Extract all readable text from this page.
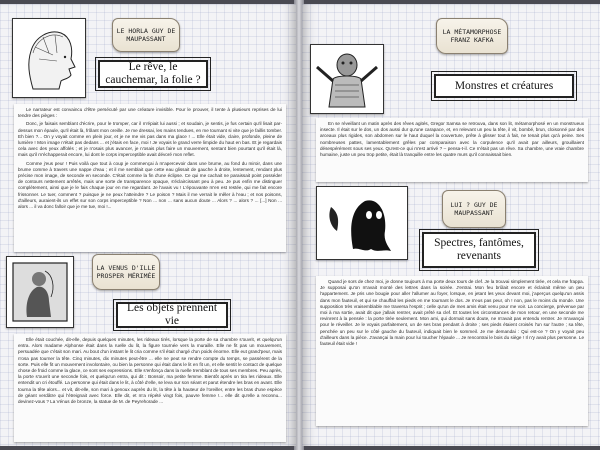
LE HORLA GUY DE
MAUPASSANT
Le rêve, le cauchemar, la folie ?

Le narrateur est convaincu d'être persécuté par une créature invisible. Pour le prouver, il tente à plusieurs reprises de lui tendre des pièges :

Donc, je faisais semblant d'écrire, pour le tromper, car il m'épiait lui aussi ; et soudain, je sentis, je fus certain qu'il lisait par-dessus mon épaule, qu'il était là, frôlant mon oreille. Je me dressai, les mains tendues, en me tournant si vite que je faillis tomber. Eh bien ?... On y voyait comme en plein jour, et je ne me vis pas dans ma glace ! ... Elle était vide, claire, profonde, pleine de lumière ! Mon image n'était pas dedans ... et j'étais en face, moi ! Je voyais le grand verre limpide du haut en bas. Et je regardais cela avec des yeux affolés ; et je n'osais plus avancer, je n'osais plus faire un mouvement, sentant bien pourtant qu'il était là, mais qu'il m'échapperait encore, lui dont le corps imperceptible avait dévoré mon reflet.

Comme j'eus peur ! Puis voilà que tout à coup je commençai à m'apercevoir dans une brume, au fond du miroir, dans une brume comme à travers une nappe d'eau ; et il me semblait que cette eau glissait de gauche à droite, lentement, rendant plus précise mon image, de seconde en seconde. C'était comme la fin d'une éclipse. Ce qui me cachait ne paraissait point posséder de contours nettement arrêtés, mais une sorte de transparence opaque, s'éclaircissant peu à peu. Je pus enfin me distinguer complètement, ainsi que je le fais chaque jour en me regardant. Je l'avais vu ! L'épouvante m'en est restée, qui me fait encore frissonner. Le tuer, comment ? puisque je ne peux l'atteindre ? Le poison ? Mais il me verrait le mêler à l'eau ; et nos poisons, d'ailleurs, auraient-ils un effet sur son corps imperceptible ? Non ... non ... sans aucun doute ... Alors ? ... alors ? ... [...] Non ... alors ... il va donc falloir que je me tue, moi !...

LA VENUS D'ILLE
PROSPER MÉRIMÉE
Les objets prennent vie

Elle était couchée, dit-elle, depuis quelques minutes, les rideaux tirés, lorsque la porte de sa chambre s'ouvrit, et quelqu'un entra. Alors madame Alphonse était dans la ruelle du lit, la figure tournée vers la muraille. Elle ne fit pas un mouvement, persuadée que c'était son mari. Au bout d'un instant le lit cria comme s'il était chargé d'un poids énorme. Elle eut grand'peur, mais n'osa pas tourner la tête. Cinq minutes, dix minutes peut-être ... elle ne peut se rendre compte du temps, se passèrent de la sorte. Puis elle fit un mouvement involontaire, ou bien la personne qui était dans le lit en fit un, et elle sentit le contact de quelque chose de froid comme la glace, ce sont ses expressions. Elle s'enfonça dans la ruelle tremblant de tous ses membres. Peu après, la porte s'ouvrit une seconde fois, et quelqu'un entra, qui dit : Bonsoir, ma petite femme. Bientôt après on tira les rideaux. Elle entendit un cri étouffé. La personne qui était dans le lit, à côté d'elle, se leva sur son séant et parut étendre les bras en avant. Elle tourna la tête alors... et vit, dit-elle, son mari à genoux auprès du lit, la tête à la hauteur de l'oreiller, entre les bras d'une espèce de géant verdâtre qui l'étreignait avec force. Elle dit, et m'a répété vingt fois, pauvre femme !... elle dit qu'elle a reconnu... devinez-vous ? La Vénus de bronze, la statue de M. de Peyrehorade ...

LA MÉTAMORPHOSE
FRANZ KAFKA
Monstres et créatures

En se réveillant un matin après des rêves agités, Gregor Samsa se retrouva, dans son lit, métamorphosé en un monstrueux insecte. Il était sur le dos, un dos aussi dur qu'une carapace, et, en relevant un peu la tête, il vit, bombé, brun, cloisonné par des arceaux plus rigides, son abdomen sur le haut duquel la couverture, prête à glisser tout à fait, ne tenait plus qu'à peine. Ses nombreuses pattes, lamentablement grêles par comparaison avec la corpulence qu'il avait par ailleurs, grouillaient désespérément sous ses yeux. Qu'est-ce qui m'est arrivé ? – pensa-t-il. Ce n'était pas un rêve. Sa chambre, une vraie chambre humaine, juste un peu trop petite, était là tranquille entre les quatre murs qu'il connaissait bien.

LUI ? GUY DE
MAUPASSANT
Spectres, fantômes, revenants

Quand je sors de chez moi, je donne toujours à ma porte deux tours de clef. Je la trouvai simplement tirée, et cela me frappa. Je supposai qu'on m'avait monté des lettres dans la soirée. J'entrai. Mon feu brûlait encore et éclairait même un peu l'appartement. Je pris une bougie pour aller l'allumer au foyer, lorsque, en jetant les yeux devant moi, j'aperçus quelqu'un assis dans mon fauteuil, et qui se chauffait les pieds en me tournant le dos. Je n'eus pas peur, oh ! non, pas le moins du monde. Une supposition très vraisemblable me traversa l'esprit ; celle qu'un de mes amis était venu pour me voir. La concierge, prévenue par moi à ma sortie, avait dit que j'allais rentrer, avait prêté sa clef. Et toutes les circonstances de mon retour, en une seconde me revinrent à la pensée : la porte tirée seulement. Mon ami, qui dormait sans doute, ne m'avait pas entendu rentrer. Je m'avançai pour le réveiller. Je le voyais parfaitement, un de ses bras pendant à droite ; ses pieds étaient croisés l'un sur l'autre ; sa tête, penchée un peu sur le côté gauche du fauteuil, indiquait bien le sommeil. Je me demandai : Qui est-ce ? On y voyait peu d'ailleurs dans la pièce. J'avançai la main pour lui toucher l'épaule ... Je rencontrai le bois du siège ! Il n'y avait plus personne. Le fauteuil était vide !
